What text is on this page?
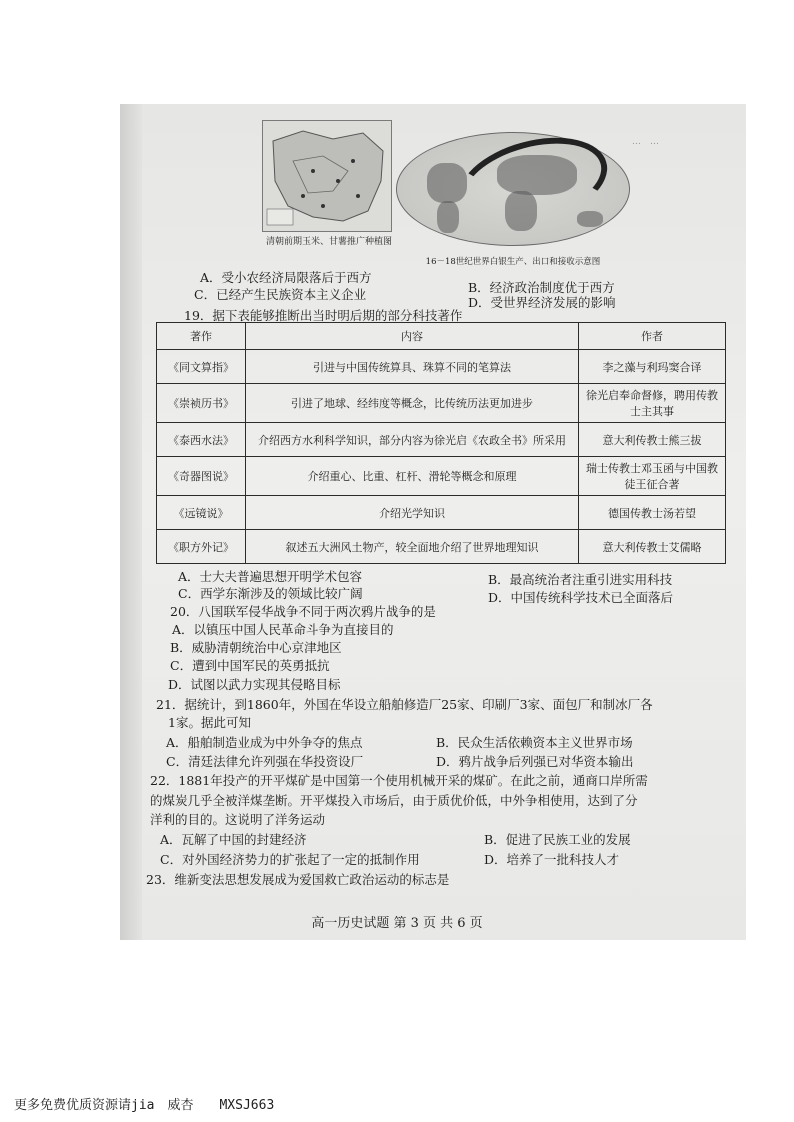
清朝前期玉米、甘薯推广种植图
16－18世纪世界白银生产、出口和接收示意图
…　…
A．受小农经济局限落后于西方
C．已经产生民族资本主义企业	B．经济政治制度优于西方
D．受世界经济发展的影响
19．据下表能够推断出当时明后期的部分科技著作
著作	内容	作者
《同文算指》	引进与中国传统算具、珠算不同的笔算法	李之藻与利玛窦合译
《崇祯历书》	引进了地球、经纬度等概念，比传统历法更加进步	徐光启奉命督修，聘用传教士主其事
《泰西水法》	介绍西方水利科学知识，部分内容为徐光启《农政全书》所采用	意大利传教士熊三拔
《奇器图说》	介绍重心、比重、杠杆、滑轮等概念和原理	瑞士传教士邓玉函与中国教徒王征合著
《远镜说》	介绍光学知识	德国传教士汤若望
《职方外记》	叙述五大洲风土物产，较全面地介绍了世界地理知识	意大利传教士艾儒略
A．士大夫普遍思想开明学术包容	B．最高统治者注重引进实用科技
C．西学东渐涉及的领域比较广阔	D．中国传统科学技术已全面落后
20．八国联军侵华战争不同于两次鸦片战争的是
A．以镇压中国人民革命斗争为直接目的
B．威胁清朝统治中心京津地区
C．遭到中国军民的英勇抵抗
D．试图以武力实现其侵略目标
21．据统计，到1860年，外国在华设立船舶修造厂25家、印刷厂3家、面包厂和制冰厂各
1家。据此可知
A．船舶制造业成为中外争夺的焦点	B．民众生活依赖资本主义世界市场
C．清廷法律允许列强在华投资设厂	D．鸦片战争后列强已对华资本输出
22．1881年投产的开平煤矿是中国第一个使用机械开采的煤矿。在此之前，通商口岸所需
的煤炭几乎全被洋煤垄断。开平煤投入市场后，由于质优价低，中外争相使用，达到了分
洋利的目的。这说明了洋务运动
A．瓦解了中国的封建经济	B．促进了民族工业的发展
C．对外国经济势力的扩张起了一定的抵制作用	D．培养了一批科技人才
23．维新变法思想发展成为爱国救亡政治运动的标志是
高一历史试题 第 3 页 共 6 页
更多免费优质资源请jia　威杏　　MXSJ663
